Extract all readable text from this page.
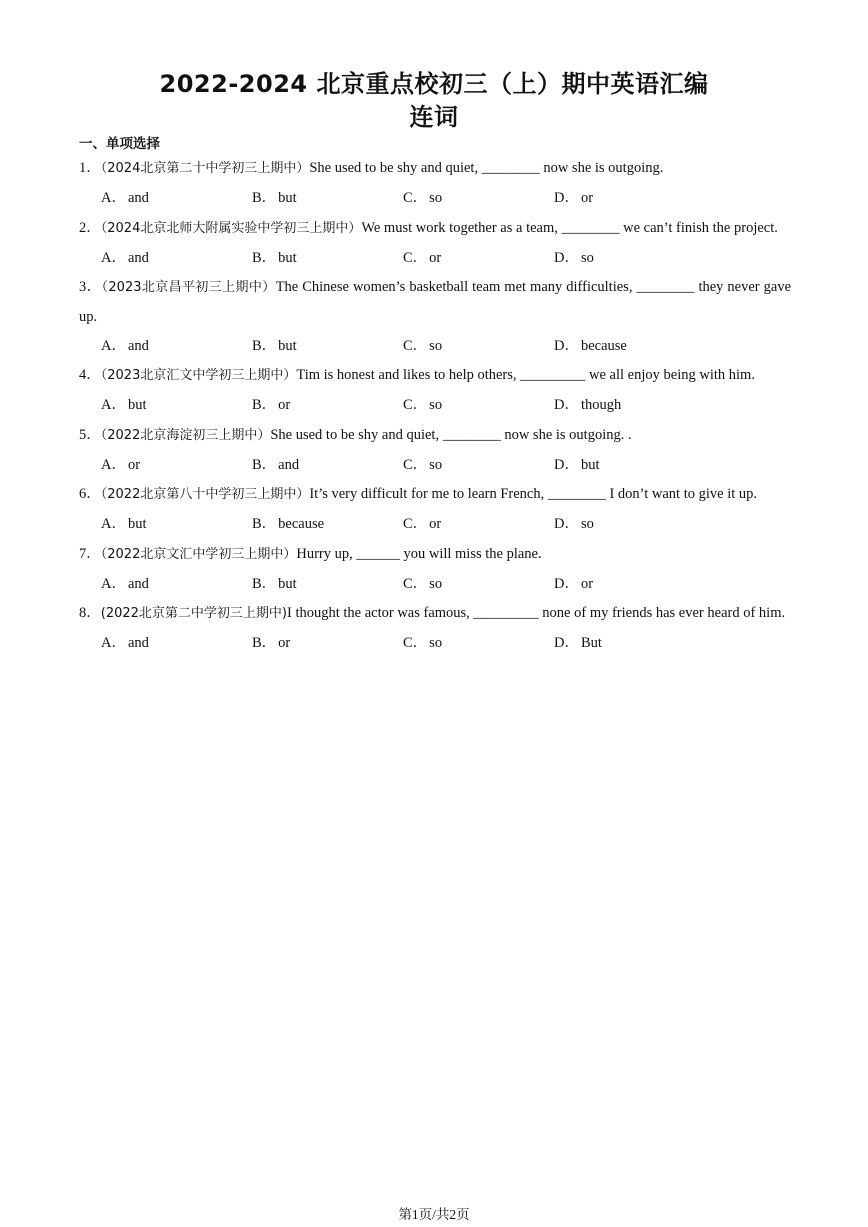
2022-2024 北京重点校初三（上）期中英语汇编
连词
一、单项选择
1．（2024北京第二十中学初三上期中）She used to be shy and quiet, ________ now she is outgoing.
A． and	B． but	C． so	D． or
2．（2024北京北师大附属实验中学初三上期中）We must work together as a team, ________ we can’t finish the project.
A． and	B． but	C． or	D． so
3．（2023北京昌平初三上期中）The Chinese women’s basketball team met many difficulties, ________ they never gave up.
A． and	B． but	C． so	D． because
4．（2023北京汇文中学初三上期中）Tim is honest and likes to help others, _________ we all enjoy being with him.
A． but	B． or	C． so	D． though
5．（2022北京海淀初三上期中）She used to be shy and quiet, ________ now she is outgoing. .
A． or	B． and	C． so	D． but
6．（2022北京第八十中学初三上期中）It’s very difficult for me to learn French, ________ I don’t want to give it up.
A． but	B． because	C． or	D． so
7．（2022北京文汇中学初三上期中）Hurry up, ______ you will miss the plane.
A． and	B． but	C． so	D． or
8．(2022北京第二中学初三上期中)I thought the actor was famous, _________ none of my friends has ever heard of him.
A． and	B． or	C． so	D． But
第1页/共2页
